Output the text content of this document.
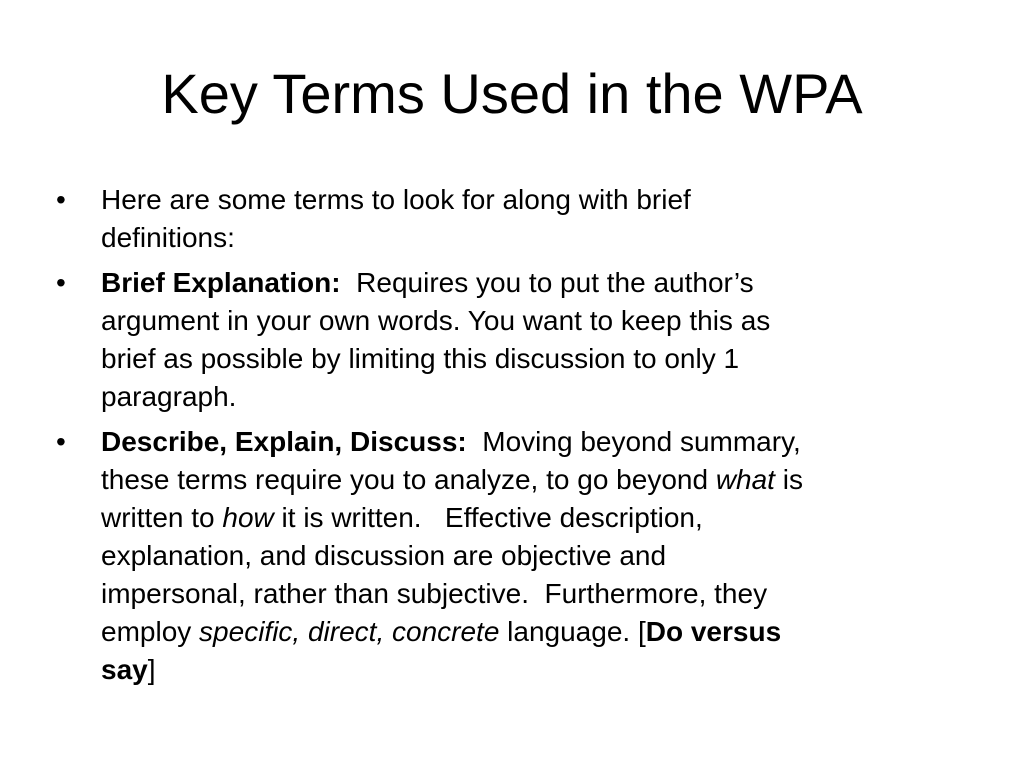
Key Terms Used in the WPA
•	Here are some terms to look for along with brief
definitions:
•	Brief Explanation: Requires you to put the author’s
argument in your own words. You want to keep this as
brief as possible by limiting this discussion to only 1
paragraph.
•	Describe, Explain, Discuss: Moving beyond summary,
these terms require you to analyze, to go beyond what is
written to how it is written.   Effective description,
explanation, and discussion are objective and
impersonal, rather than subjective.  Furthermore, they
employ specific, direct, concrete language. [Do versus
say]
